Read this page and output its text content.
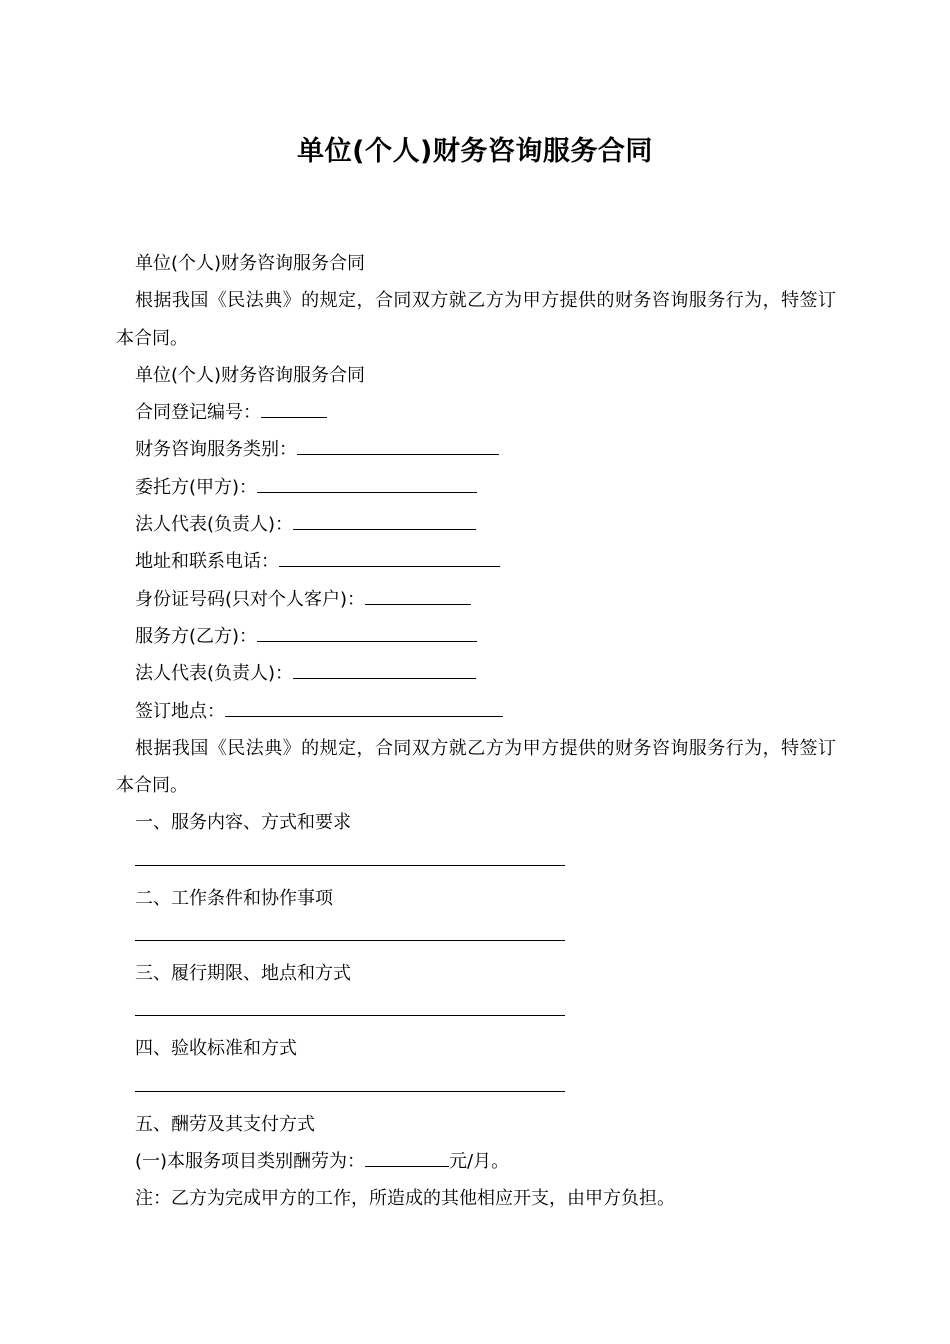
单位(个人)财务咨询服务合同
单位(个人)财务咨询服务合同
根据我国《民法典》的规定，合同双方就乙方为甲方提供的财务咨询服务行为，特签订本合同。
单位(个人)财务咨询服务合同
合同登记编号：
财务咨询服务类别：
委托方(甲方)：
法人代表(负责人)：
地址和联系电话：
身份证号码(只对个人客户)：
服务方(乙方)：
法人代表(负责人)：
签订地点：
根据我国《民法典》的规定，合同双方就乙方为甲方提供的财务咨询服务行为，特签订本合同。
一、服务内容、方式和要求
二、工作条件和协作事项
三、履行期限、地点和方式
四、验收标准和方式
五、酬劳及其支付方式
(一)本服务项目类别酬劳为：	元/月。
注：乙方为完成甲方的工作，所造成的其他相应开支，由甲方负担。
